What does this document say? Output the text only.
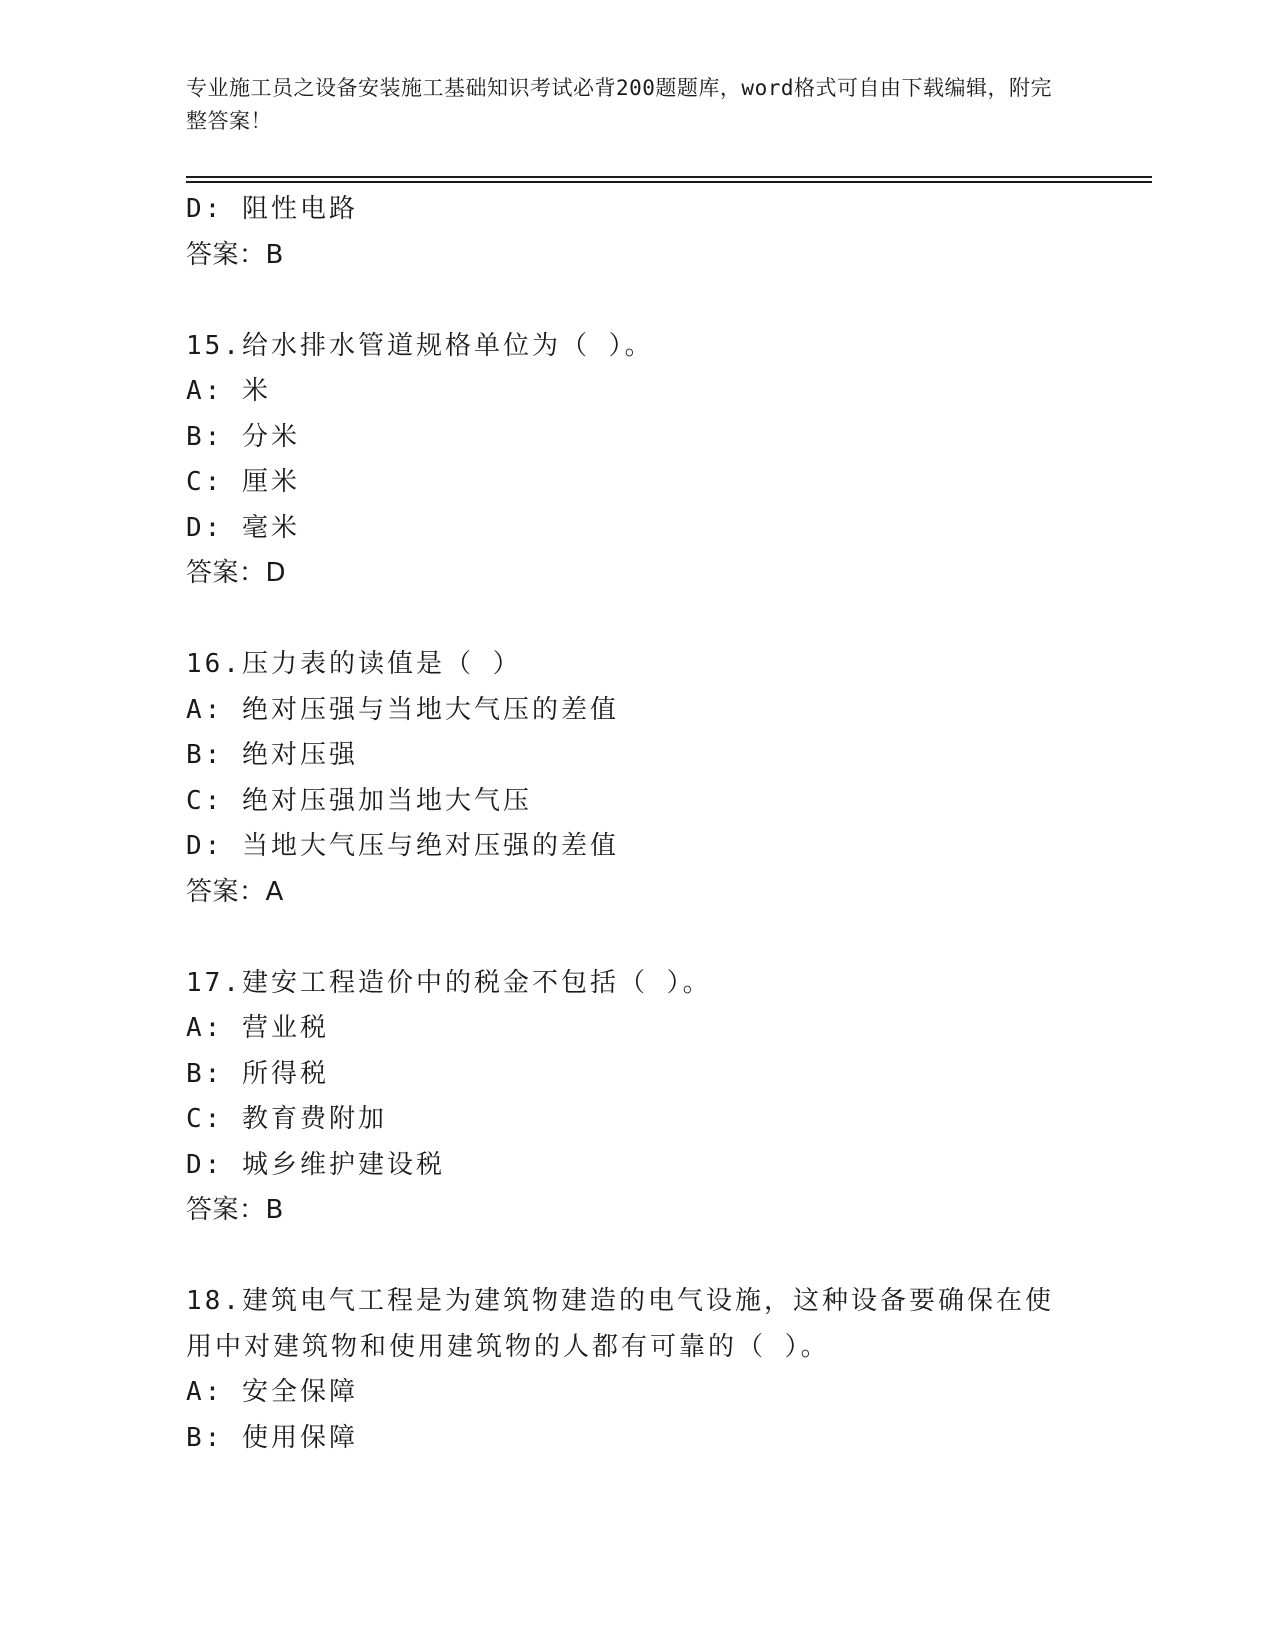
专业施工员之设备安装施工基础知识考试必背200题题库，word格式可自由下载编辑，附完整答案！
D: 阻性电路
答案：B
15.给水排水管道规格单位为（ ）。
A: 米
B: 分米
C: 厘米
D: 毫米
答案：D
16.压力表的读值是（ ）
A: 绝对压强与当地大气压的差值
B: 绝对压强
C: 绝对压强加当地大气压
D: 当地大气压与绝对压强的差值
答案：A
17.建安工程造价中的税金不包括（ ）。
A: 营业税
B: 所得税
C: 教育费附加
D: 城乡维护建设税
答案：B
18.建筑电气工程是为建筑物建造的电气设施，这种设备要确保在使用中对建筑物和使用建筑物的人都有可靠的（ ）。
A: 安全保障
B: 使用保障
